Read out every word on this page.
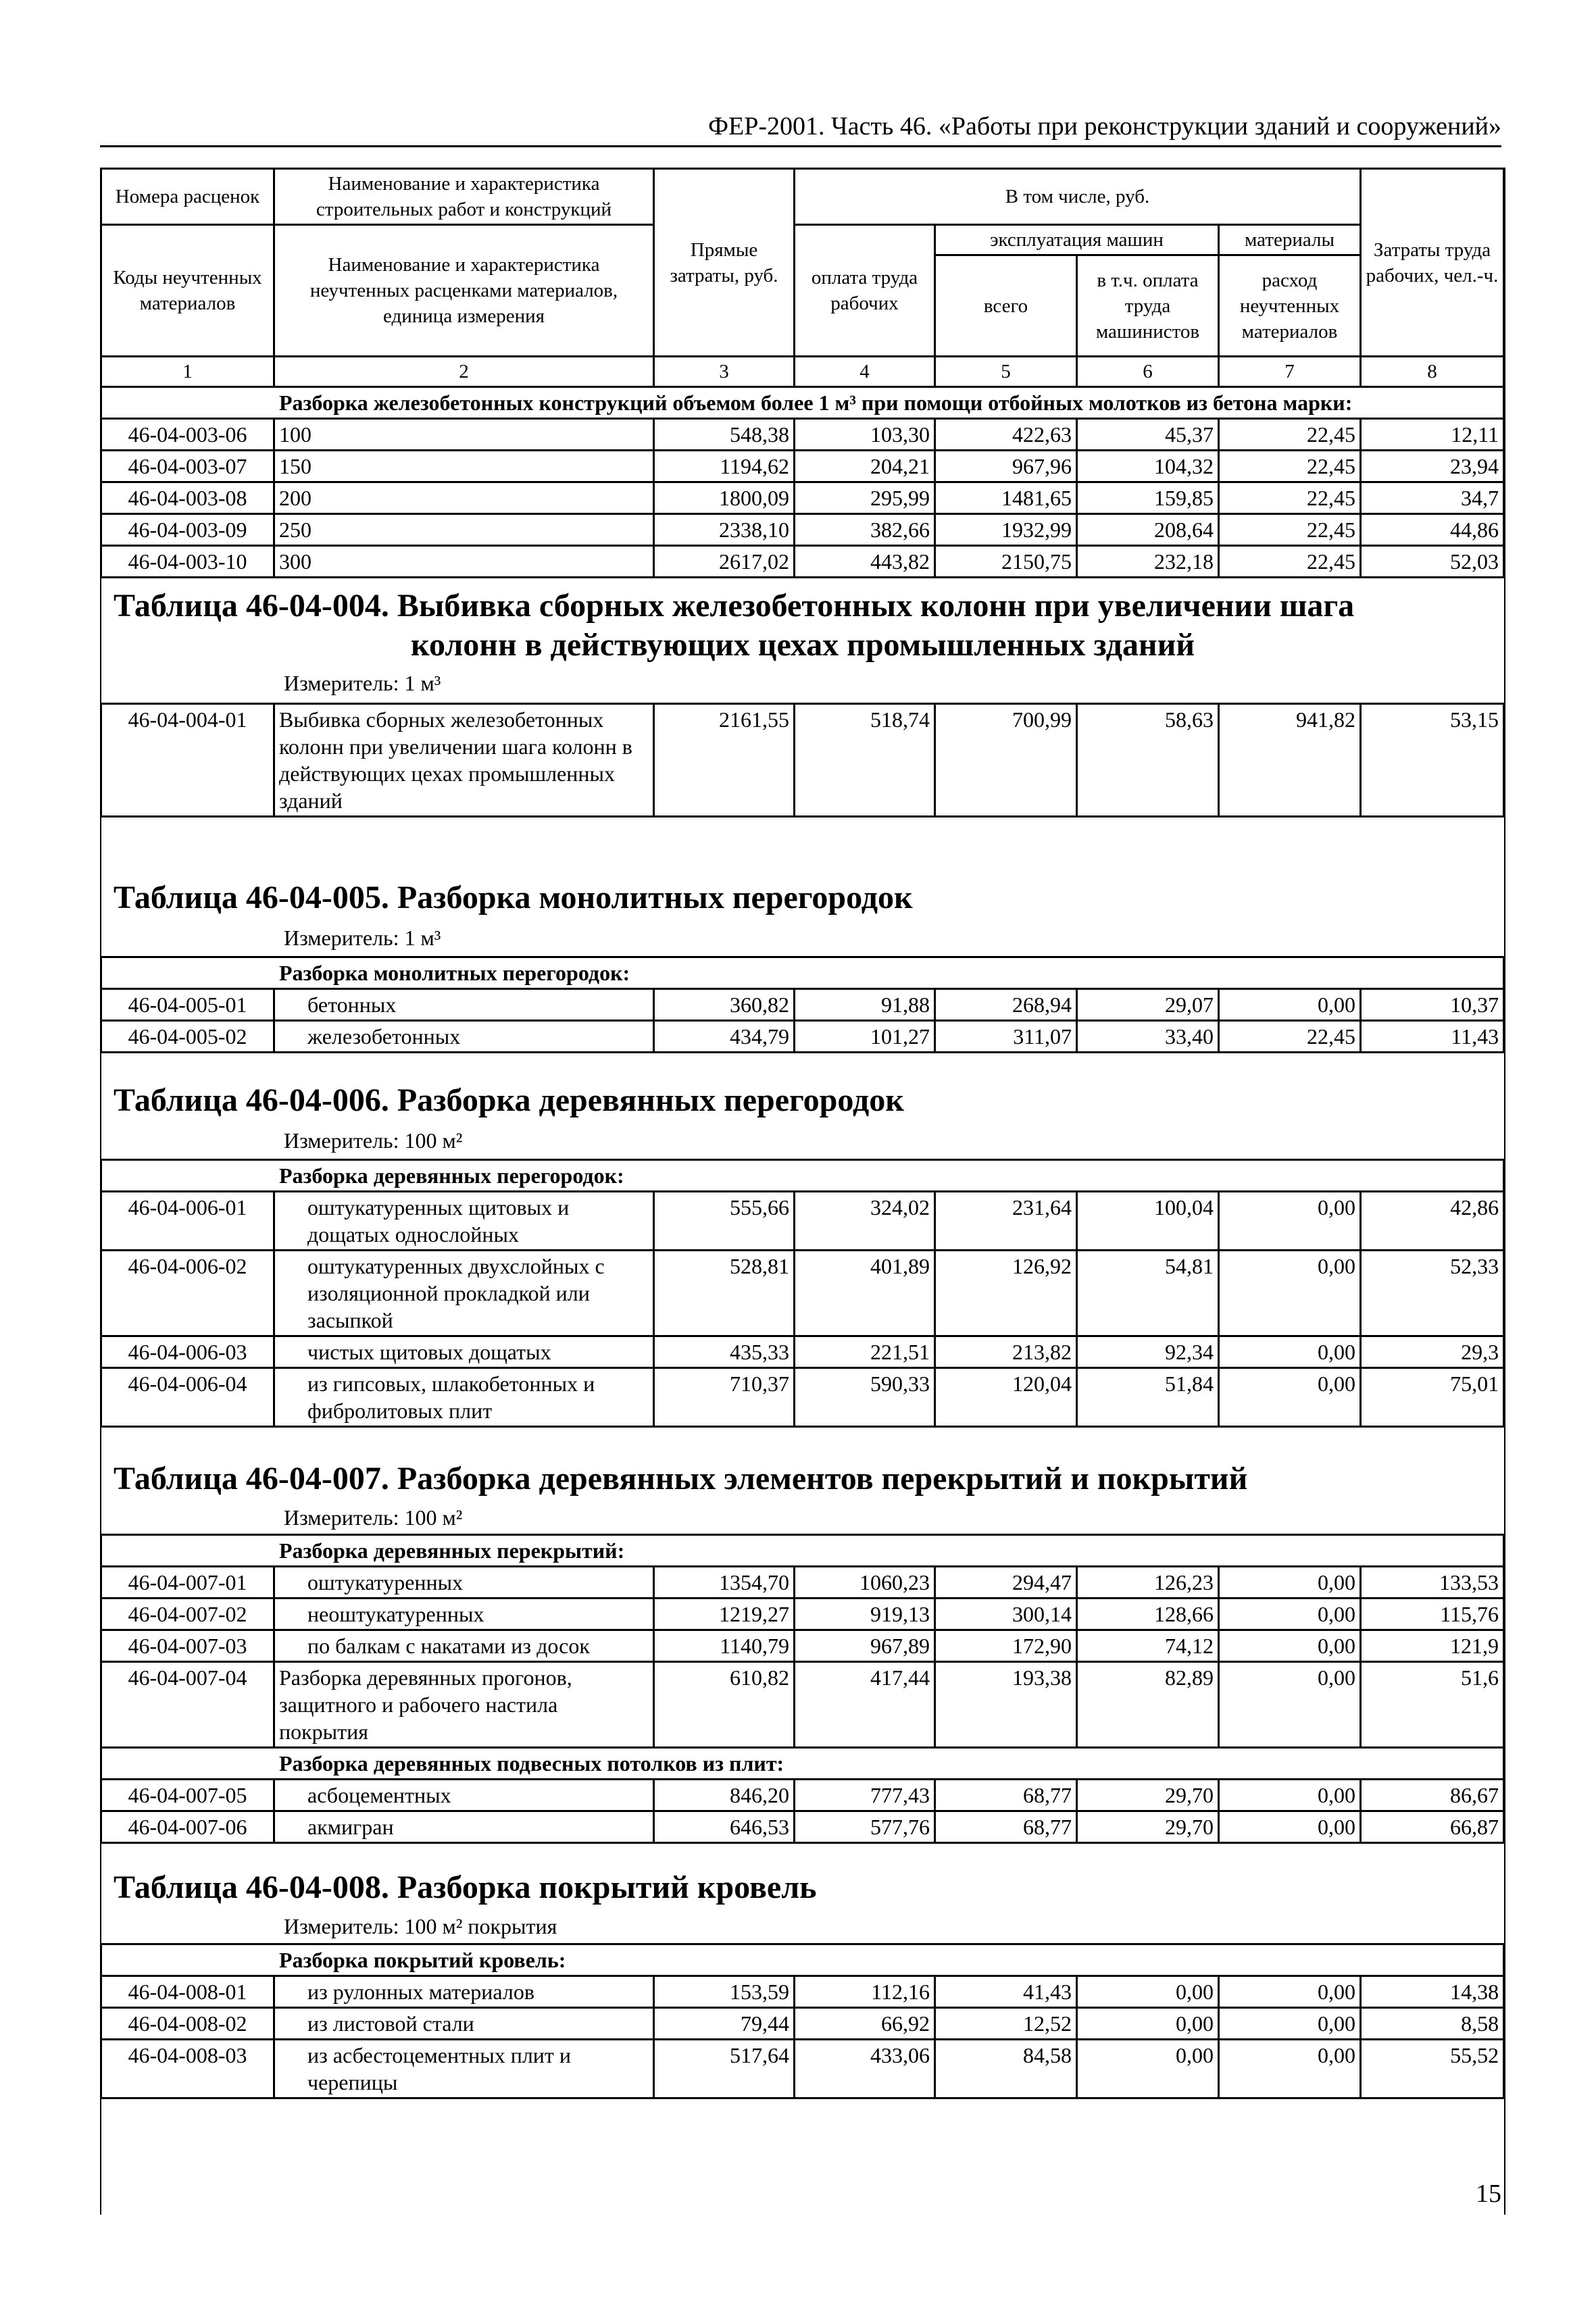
ФЕР-2001. Часть 46. «Работы при реконструкции зданий и сооружений»
Номера расценок	Наименование и характеристика строительных работ и конструкций	Прямые затраты, руб.	В том числе, руб.				Затраты труда рабочих, чел.-ч.
Коды неучтенных материалов	Наименование и характеристика неучтенных расценками материалов, единица измерения		оплата труда рабочих	эксплуатация машин		материалы	
				всего	в т.ч. оплата труда машинистов	расход неучтенных материалов	
1	2	3	4	5	6	7	8
Разборка железобетонных конструкций объемом более 1 м³ при помощи отбойных молотков из бетона марки:							
46-04-003-06	100	548,38	103,30	422,63	45,37	22,45	12,11
46-04-003-07	150	1194,62	204,21	967,96	104,32	22,45	23,94
46-04-003-08	200	1800,09	295,99	1481,65	159,85	22,45	34,7
46-04-003-09	250	2338,10	382,66	1932,99	208,64	22,45	44,86
46-04-003-10	300	2617,02	443,82	2150,75	232,18	22,45	52,03
Таблица 46-04-004. Выбивка сборных железобетонных колонн при увеличении шага
колонн в действующих цехах промышленных зданий
Измеритель: 1 м³
46-04-004-01	Выбивка сборных железобетонных колонн при увеличении шага колонн в действующих цехах промышленных зданий	2161,55	518,74	700,99	58,63	941,82	53,15
Таблица 46-04-005. Разборка монолитных перегородок
Измеритель: 1 м³
Разборка монолитных перегородок:							
46-04-005-01	бетонных	360,82	91,88	268,94	29,07	0,00	10,37
46-04-005-02	железобетонных	434,79	101,27	311,07	33,40	22,45	11,43
Таблица 46-04-006. Разборка деревянных перегородок
Измеритель: 100 м²
Разборка деревянных перегородок:							
46-04-006-01	оштукатуренных щитовых и дощатых однослойных	555,66	324,02	231,64	100,04	0,00	42,86
46-04-006-02	оштукатуренных двухслойных с изоляционной прокладкой или засыпкой	528,81	401,89	126,92	54,81	0,00	52,33
46-04-006-03	чистых щитовых дощатых	435,33	221,51	213,82	92,34	0,00	29,3
46-04-006-04	из гипсовых, шлакобетонных и фибролитовых плит	710,37	590,33	120,04	51,84	0,00	75,01
Таблица 46-04-007. Разборка деревянных элементов перекрытий и покрытий
Измеритель: 100 м²
Разборка деревянных перекрытий:							
46-04-007-01	оштукатуренных	1354,70	1060,23	294,47	126,23	0,00	133,53
46-04-007-02	неоштукатуренных	1219,27	919,13	300,14	128,66	0,00	115,76
46-04-007-03	по балкам с накатами из досок	1140,79	967,89	172,90	74,12	0,00	121,9
46-04-007-04	Разборка деревянных прогонов, защитного и рабочего настила покрытия	610,82	417,44	193,38	82,89	0,00	51,6
Разборка деревянных подвесных потолков из плит:							
46-04-007-05	асбоцементных	846,20	777,43	68,77	29,70	0,00	86,67
46-04-007-06	акмигран	646,53	577,76	68,77	29,70	0,00	66,87
Таблица 46-04-008. Разборка покрытий кровель
Измеритель: 100 м² покрытия
Разборка покрытий кровель:							
46-04-008-01	из рулонных материалов	153,59	112,16	41,43	0,00	0,00	14,38
46-04-008-02	из листовой стали	79,44	66,92	12,52	0,00	0,00	8,58
46-04-008-03	из асбестоцементных плит и черепицы	517,64	433,06	84,58	0,00	0,00	55,52
15
